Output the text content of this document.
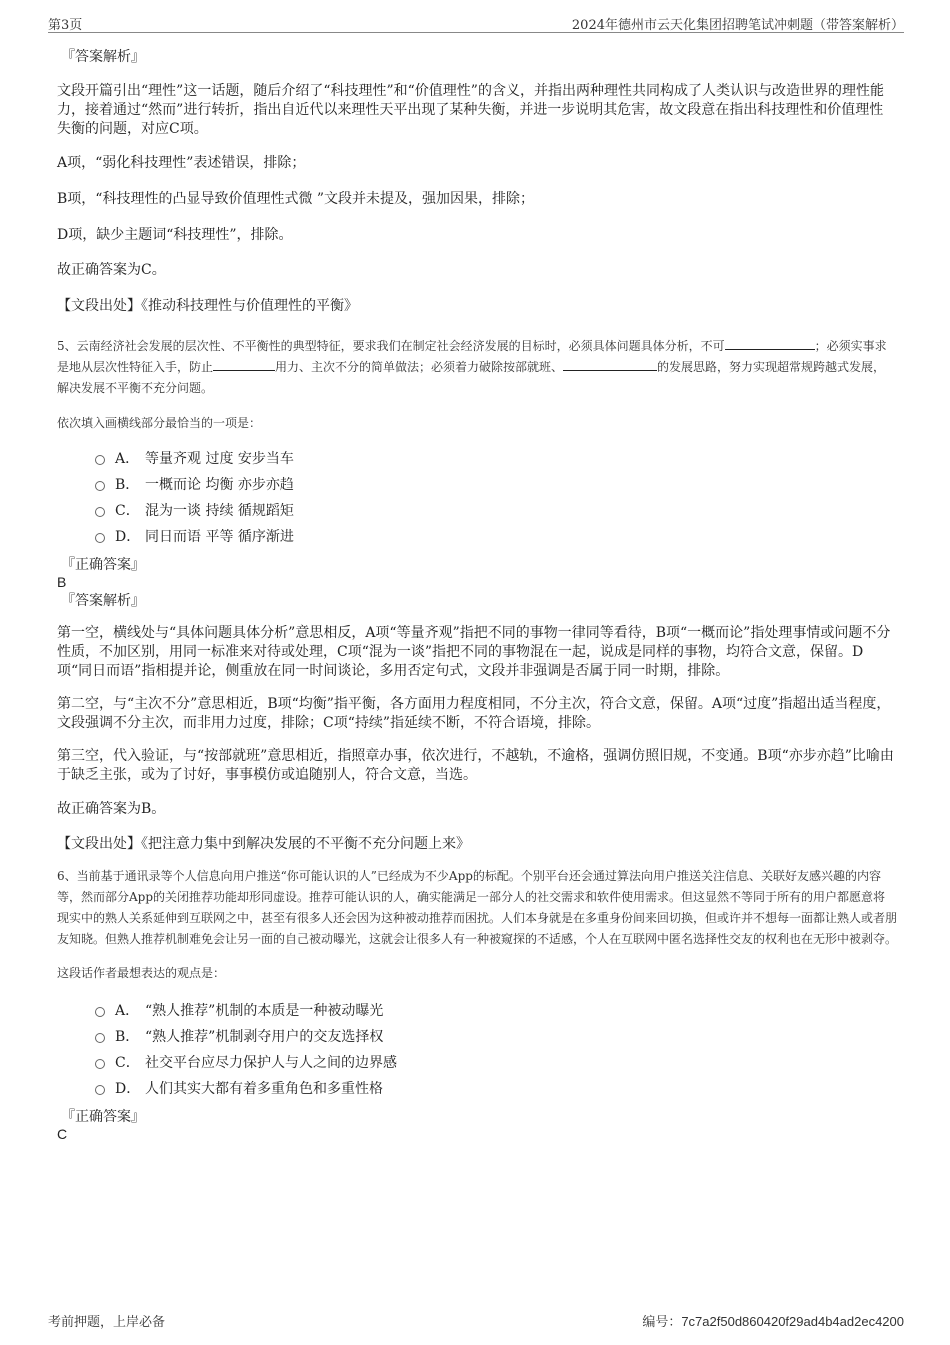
第3页	2024年德州市云天化集团招聘笔试冲刺题（带答案解析）
『答案解析』

文段开篇引出“理性”这一话题，随后介绍了“科技理性”和“价值理性”的含义，并指出两种理性共同构成了人类认识与改造世界的理性能力，接着通过“然而”进行转折，指出自近代以来理性天平出现了某种失衡，并进一步说明其危害，故文段意在指出科技理性和价值理性失衡的问题，对应C项。

A项，“弱化科技理性”表述错误，排除；

B项，“科技理性的凸显导致价值理性式微 ”文段并未提及，强加因果，排除；

D项，缺少主题词“科技理性”，排除。

故正确答案为C。

【文段出处】《推动科技理性与价值理性的平衡》

5、云南经济社会发展的层次性、不平衡性的典型特征，要求我们在制定社会经济发展的目标时，必须具体问题具体分析，不可	；必须实事求是地从层次性特征入手，防止	用力、主次不分的简单做法；必须着力破除按部就班、	的发展思路，努力实现超常规跨越式发展，解决发展不平衡不充分问题。

依次填入画横线部分最恰当的一项是：

A． 等量齐观 过度 安步当车
B． 一概而论 均衡 亦步亦趋
C． 混为一谈 持续 循规蹈矩
D． 同日而语 平等 循序渐进
『正确答案』
B
『答案解析』

第一空，横线处与“具体问题具体分析”意思相反，A项“等量齐观”指把不同的事物一律同等看待，B项“一概而论”指处理事情或问题不分性质，不加区别，用同一标准来对待或处理，C项“混为一谈”指把不同的事物混在一起，说成是同样的事物，均符合文意，保留。D项“同日而语”指相提并论，侧重放在同一时间谈论，多用否定句式，文段并非强调是否属于同一时期，排除。

第二空，与“主次不分”意思相近，B项“均衡”指平衡，各方面用力程度相同，不分主次，符合文意，保留。A项“过度”指超出适当程度，文段强调不分主次，而非用力过度，排除；C项“持续”指延续不断，不符合语境，排除。

第三空，代入验证，与“按部就班”意思相近，指照章办事，依次进行，不越轨，不逾格，强调仿照旧规，不变通。B项“亦步亦趋”比喻由于缺乏主张，或为了讨好，事事模仿或追随别人，符合文意，当选。

故正确答案为B。

【文段出处】《把注意力集中到解决发展的不平衡不充分问题上来》

6、当前基于通讯录等个人信息向用户推送“你可能认识的人”已经成为不少App的标配。个别平台还会通过算法向用户推送关注信息、关联好友感兴趣的内容等，然而部分App的关闭推荐功能却形同虚设。推荐可能认识的人，确实能满足一部分人的社交需求和软件使用需求。但这显然不等同于所有的用户都愿意将现实中的熟人关系延伸到互联网之中，甚至有很多人还会因为这种被动推荐而困扰。人们本身就是在多重身份间来回切换，但或许并不想每一面都让熟人或者朋友知晓。但熟人推荐机制难免会让另一面的自己被动曝光，这就会让很多人有一种被窥探的不适感，个人在互联网中匿名选择性交友的权利也在无形中被剥夺。

这段话作者最想表达的观点是：

A． “熟人推荐”机制的本质是一种被动曝光
B． “熟人推荐”机制剥夺用户的交友选择权
C． 社交平台应尽力保护人与人之间的边界感
D． 人们其实大都有着多重角色和多重性格
『正确答案』
C
考前押题，上岸必备	编号：7c7a2f50d860420f29ad4b4ad2ec4200
